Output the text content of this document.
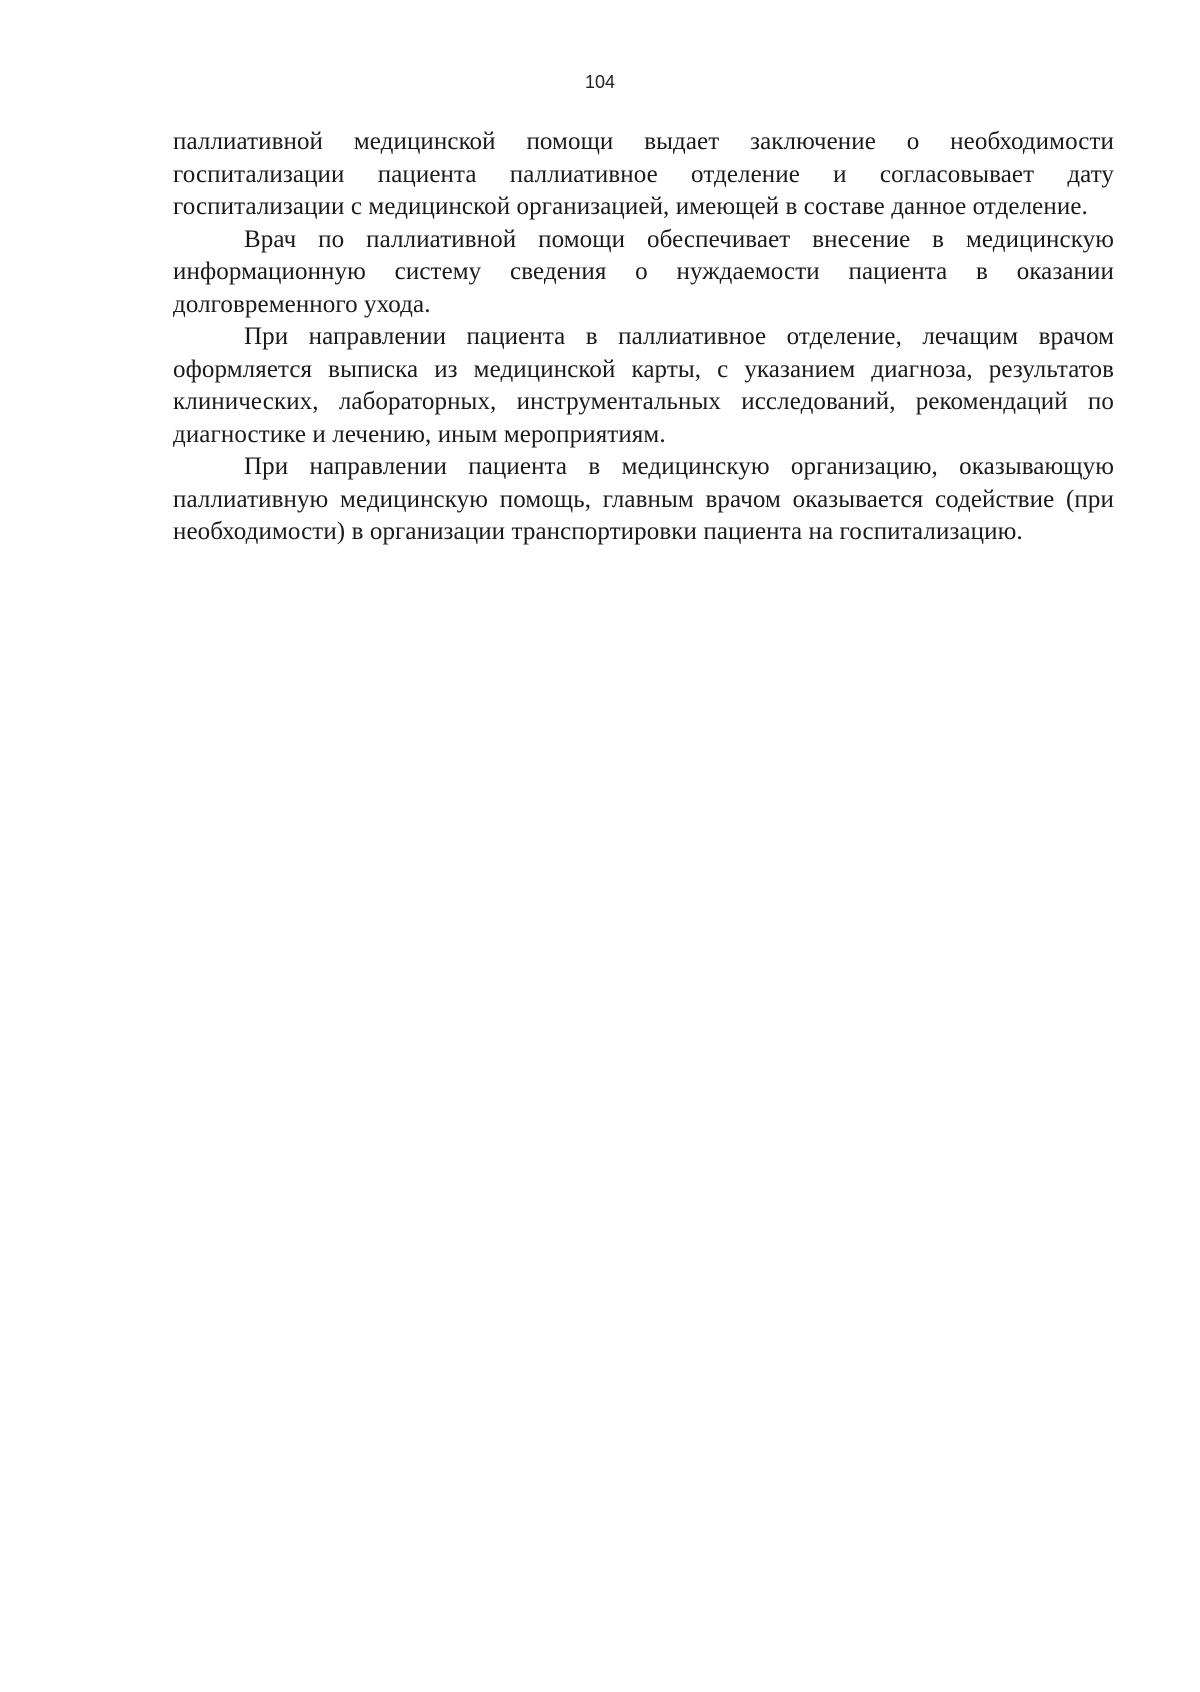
104

паллиативной медицинской помощи выдает заключение о необходимости госпитализации пациента паллиативное отделение и согласовывает дату госпитализации с медицинской организацией, имеющей в составе данное отделение.

Врач по паллиативной помощи обеспечивает внесение в медицинскую информационную систему сведения о нуждаемости пациента в оказании долговременного ухода.

При направлении пациента в паллиативное отделение, лечащим врачом оформляется выписка из медицинской карты, с указанием диагноза, результатов клинических, лабораторных, инструментальных исследований, рекомендаций по диагностике и лечению, иным мероприятиям.

При направлении пациента в медицинскую организацию, оказывающую паллиативную медицинскую помощь, главным врачом оказывается содействие (при необходимости) в организации транспортировки пациента на госпитализацию.
